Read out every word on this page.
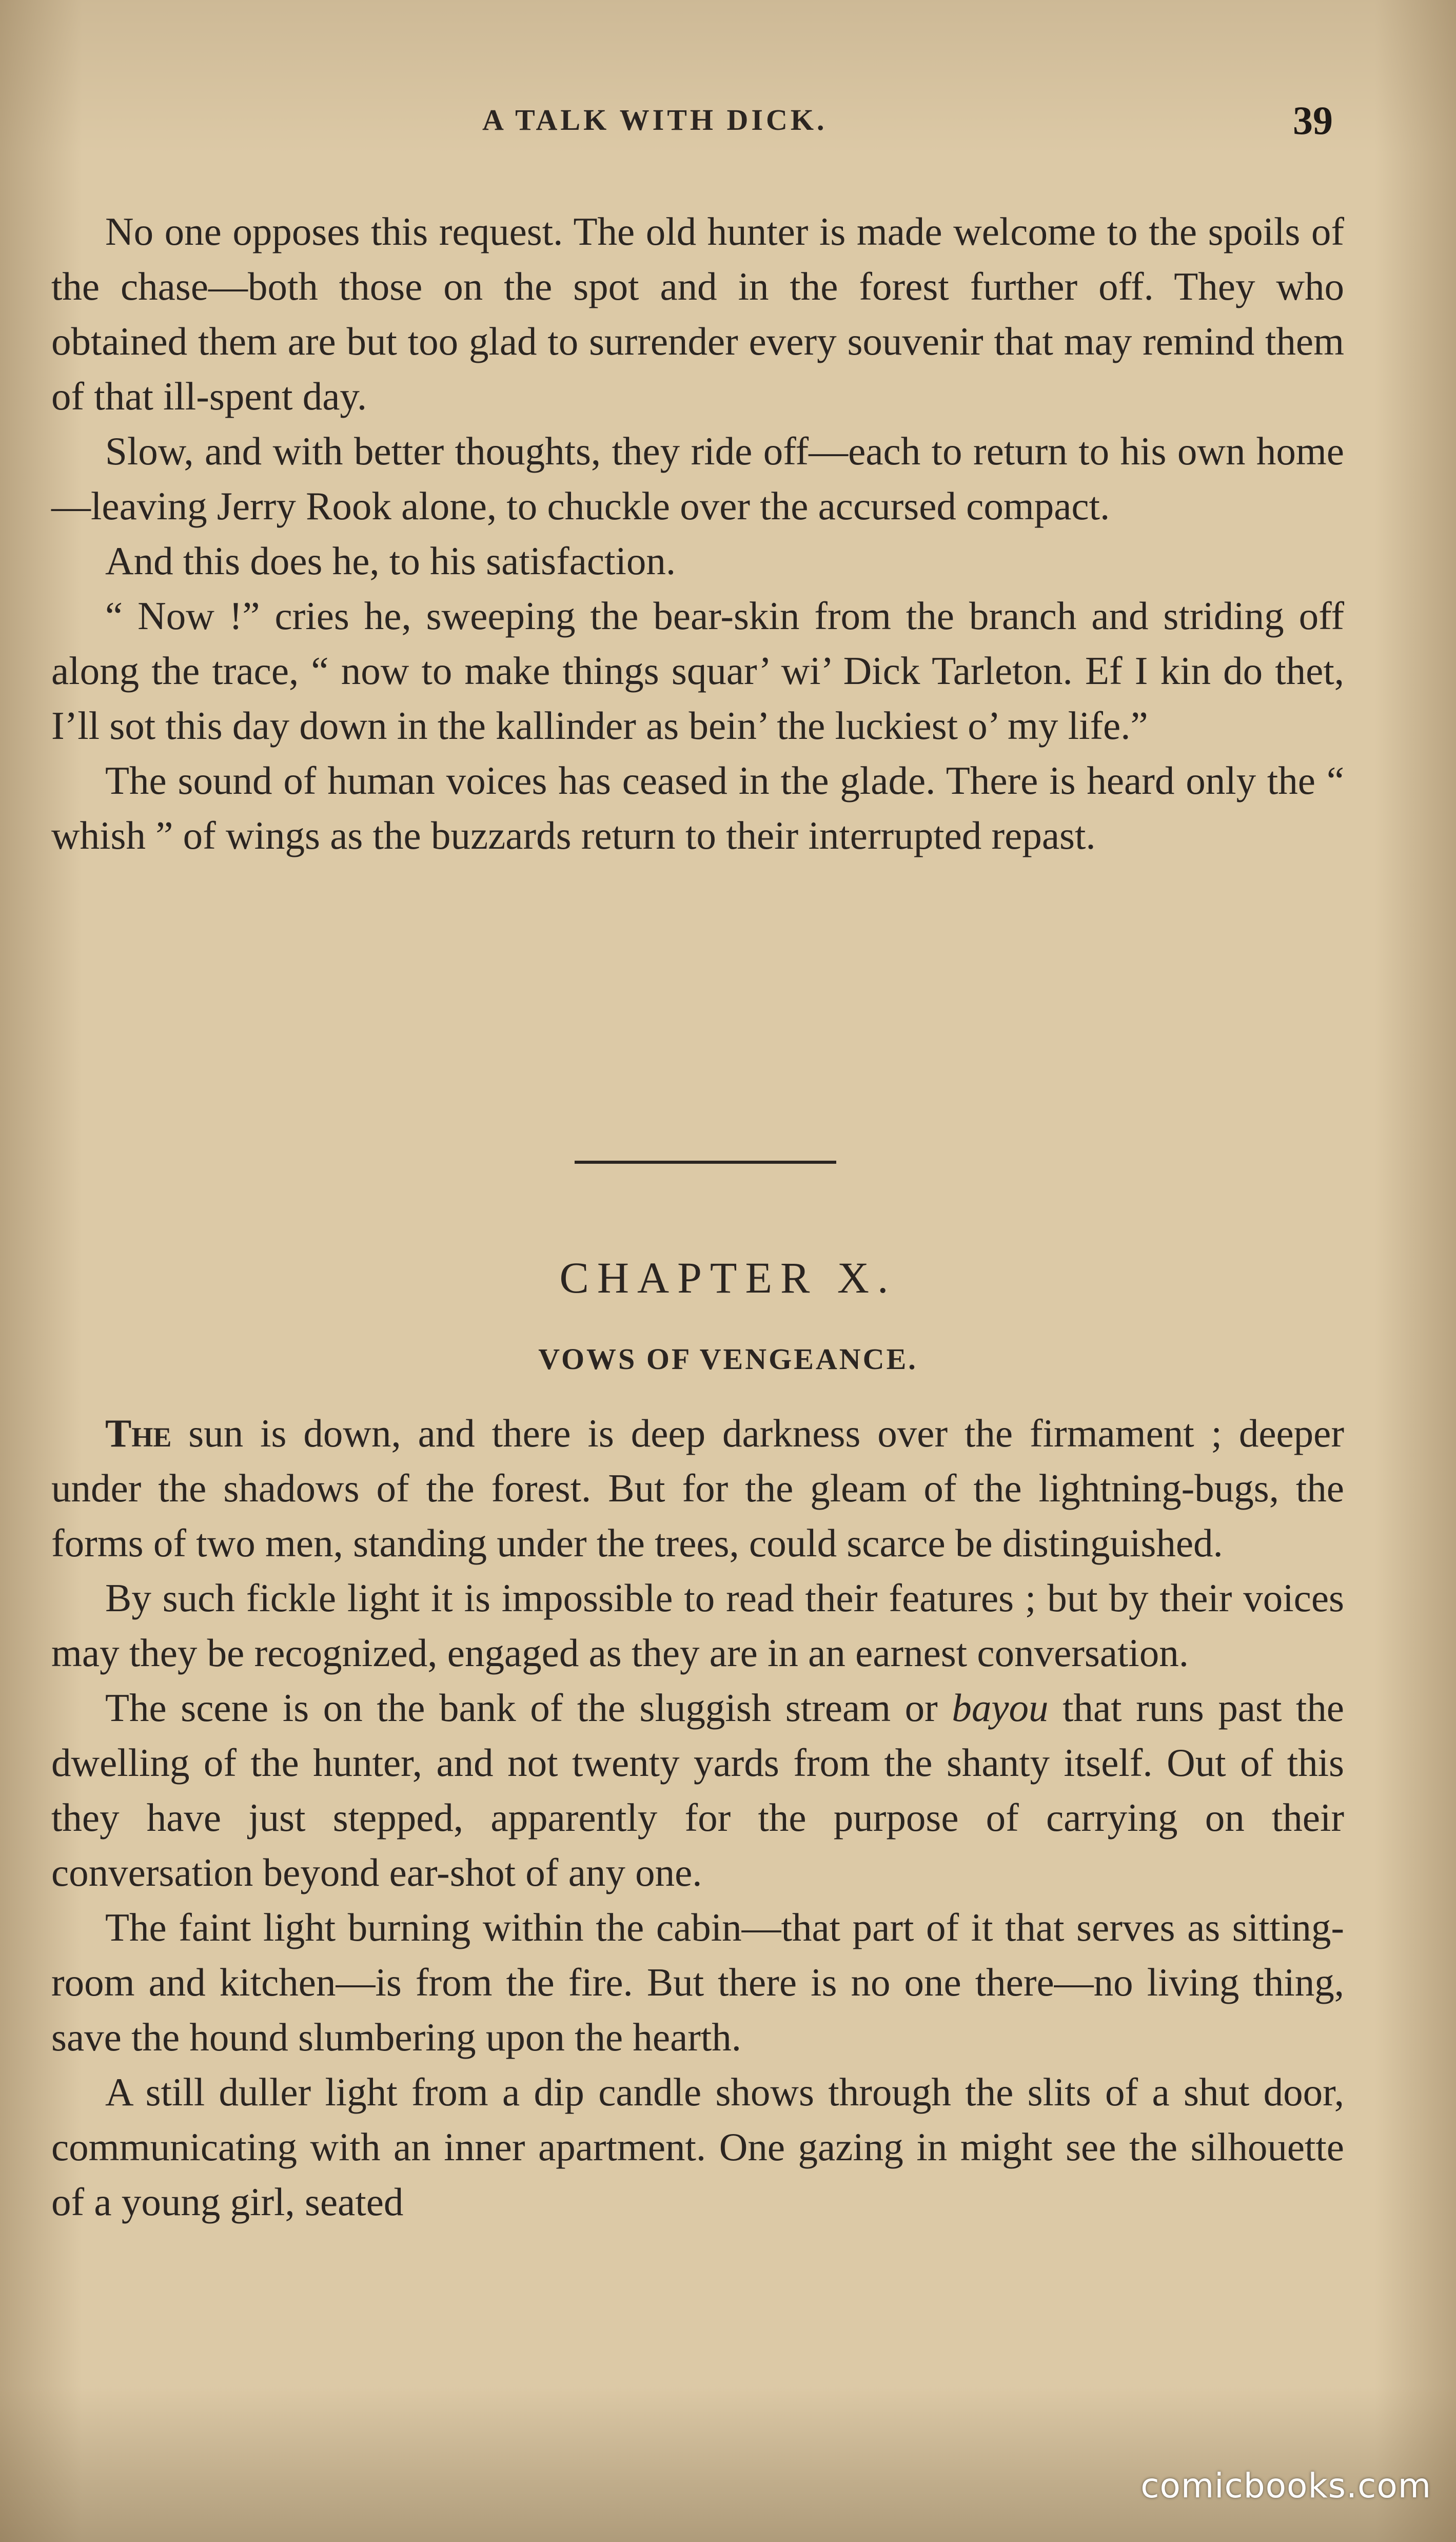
A TALK WITH DICK.	39

No one opposes this request. The old hunter is made welcome to the spoils of the chase—both those on the spot and in the forest further off. They who obtained them are but too glad to surrender every souvenir that may remind them of that ill-spent day.

Slow, and with better thoughts, they ride off—each to return to his own home—leaving Jerry Rook alone, to chuckle over the accursed compact.

And this does he, to his satisfaction.

“ Now !” cries he, sweeping the bear-skin from the branch and striding off along the trace, “ now to make things squar’ wi’ Dick Tarleton. Ef I kin do thet, I’ll sot this day down in the kallinder as bein’ the luckiest o’ my life.”

The sound of human voices has ceased in the glade. There is heard only the “ whish ” of wings as the buzzards return to their interrupted repast.

CHAPTER X.
VOWS OF VENGEANCE.

The sun is down, and there is deep darkness over the firmament ; deeper under the shadows of the forest. But for the gleam of the lightning-bugs, the forms of two men, standing under the trees, could scarce be distinguished.

By such fickle light it is impossible to read their features ; but by their voices may they be recognized, engaged as they are in an earnest conversation.

The scene is on the bank of the sluggish stream or bayou that runs past the dwelling of the hunter, and not twenty yards from the shanty itself. Out of this they have just stepped, apparently for the purpose of carrying on their conversation beyond ear-shot of any one.

The faint light burning within the cabin—that part of it that serves as sitting-room and kitchen—is from the fire. But there is no one there—no living thing, save the hound slumbering upon the hearth.

A still duller light from a dip candle shows through the slits of a shut door, communicating with an inner apartment. One gazing in might see the silhouette of a young girl, seated

comicbooks.com
